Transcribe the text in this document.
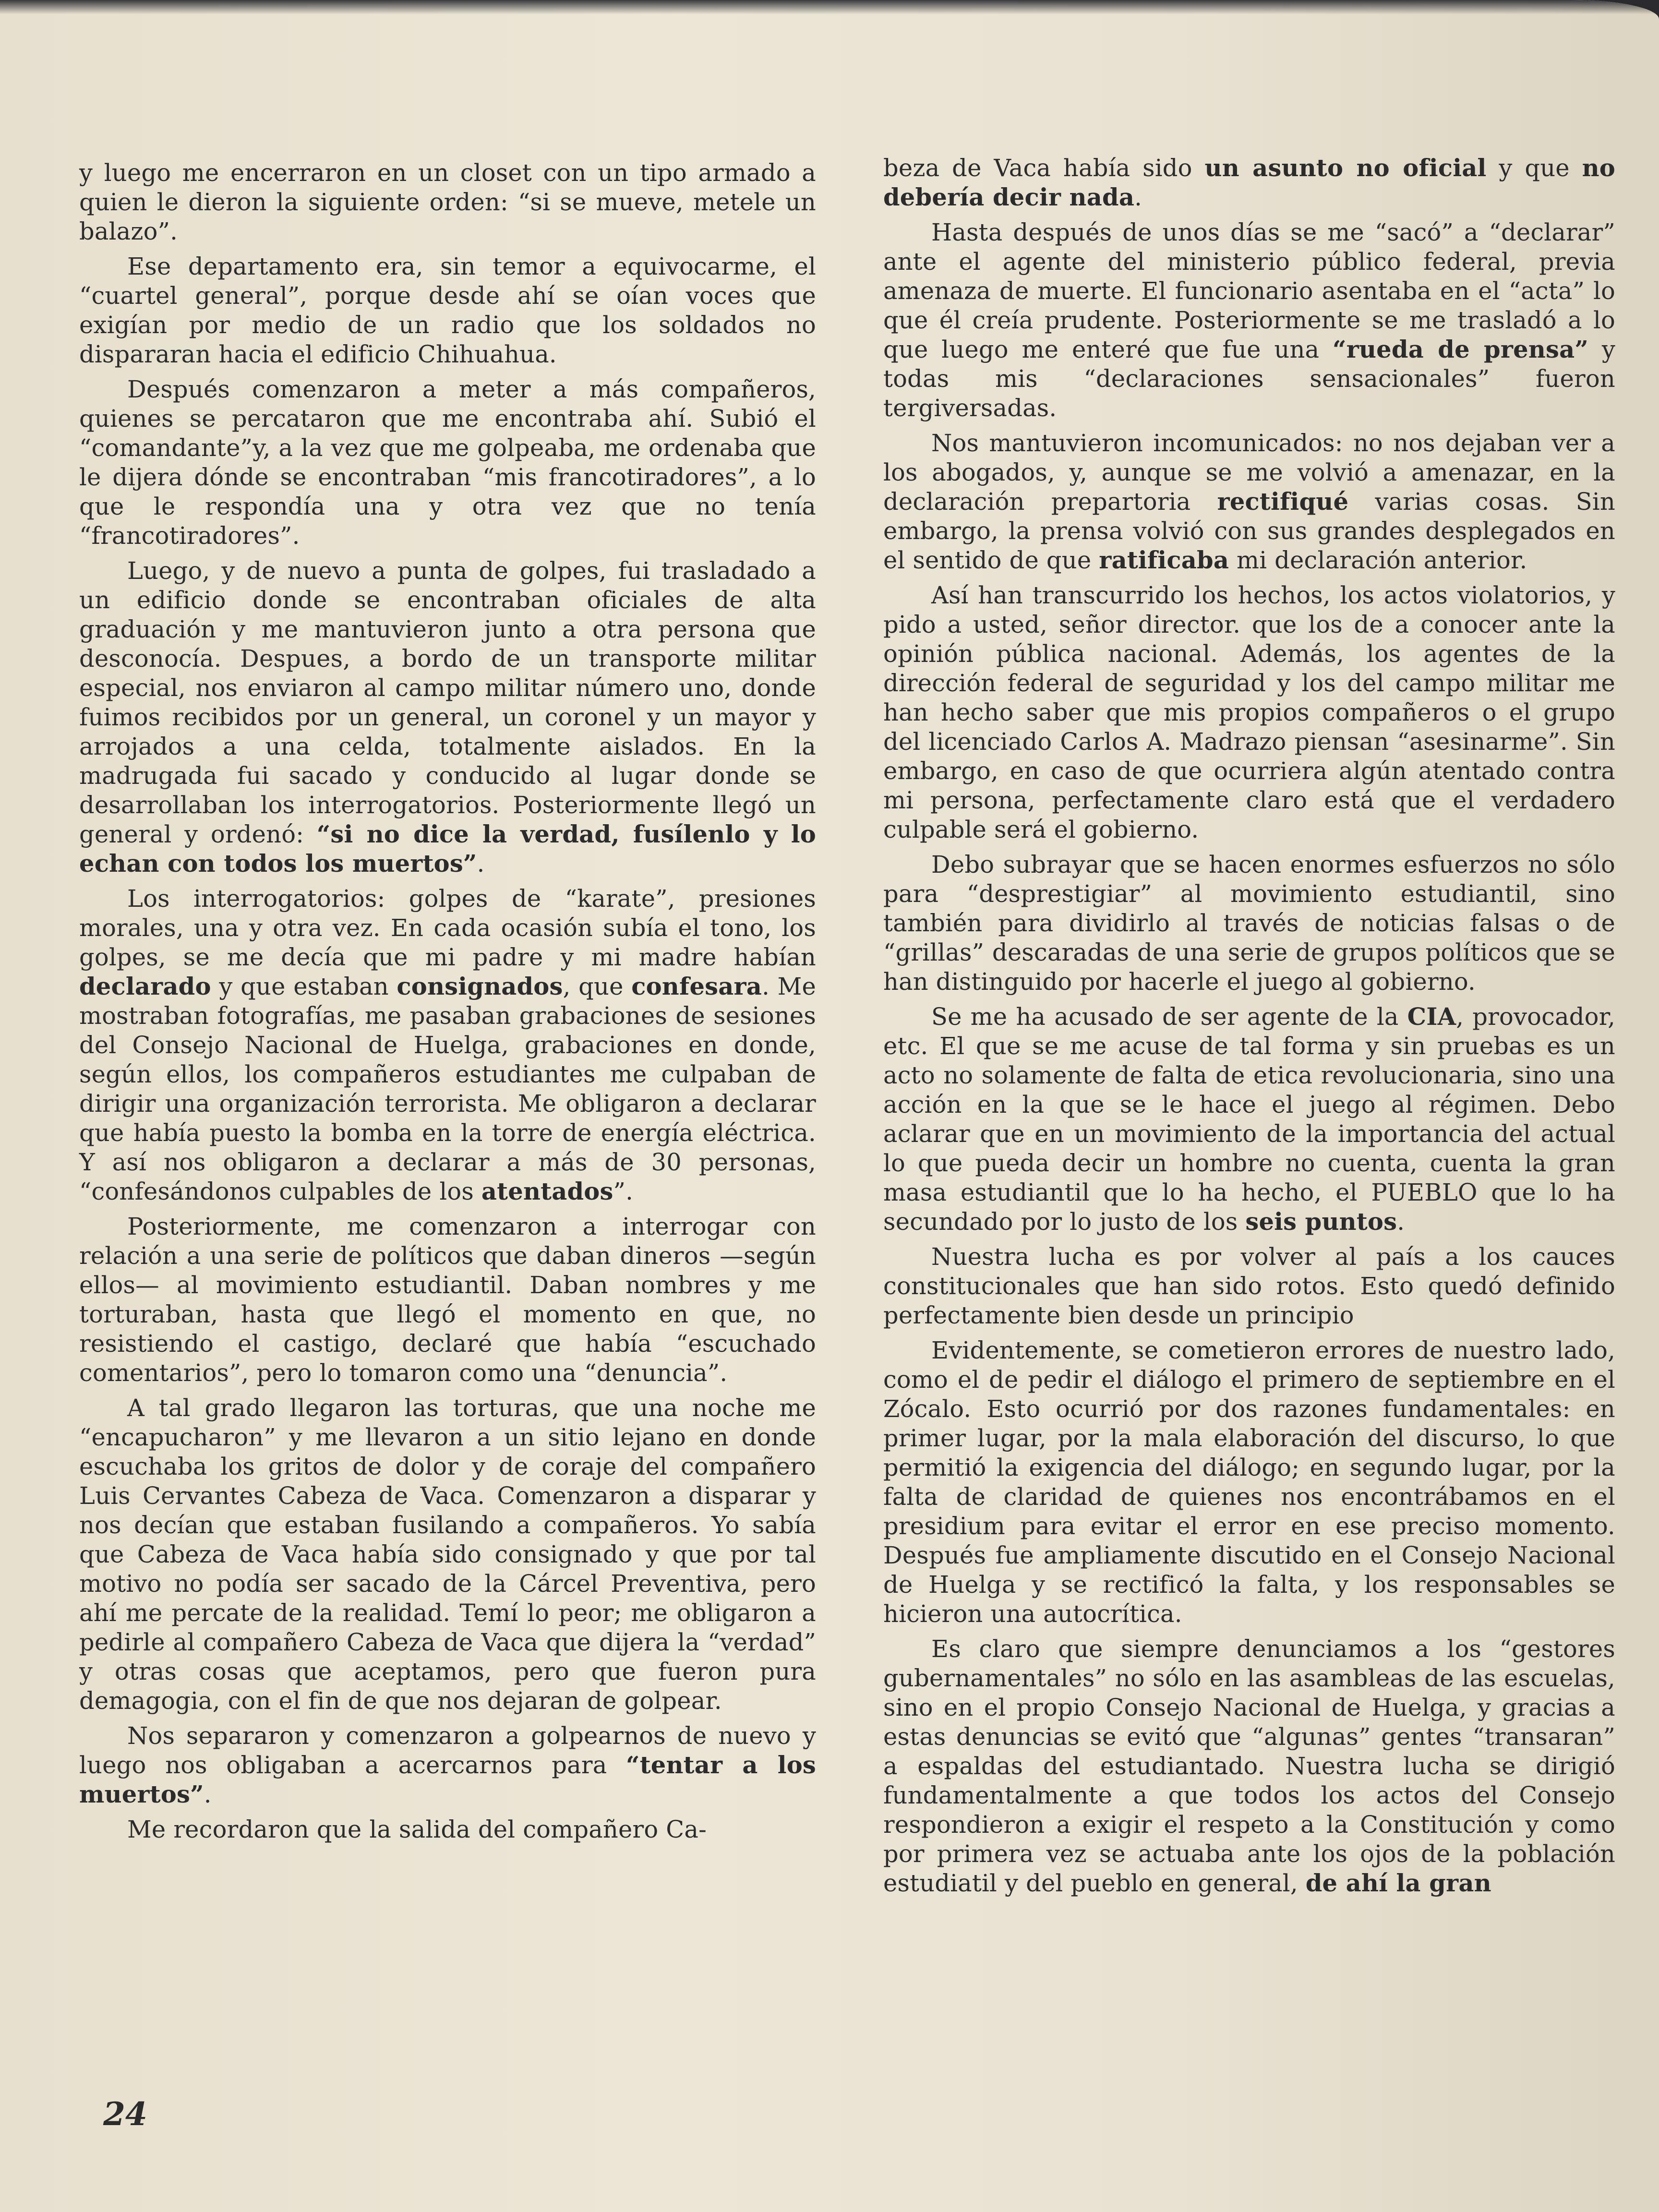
y luego me encerraron en un closet con un tipo armado a quien le dieron la siguiente orden: “si se mueve, metele un balazo”.

Ese departamento era, sin temor a equivocarme, el “cuartel general”, porque desde ahí se oían voces que exigían por medio de un radio que los soldados no dispararan hacia el edificio Chihuahua.

Después comenzaron a meter a más compañeros, quienes se percataron que me encontraba ahí. Subió el “comandante”y, a la vez que me golpeaba, me ordenaba que le dijera dónde se encontraban “mis francotiradores”, a lo que le respondía una y otra vez que no tenía “francotiradores”.

Luego, y de nuevo a punta de golpes, fui trasladado a un edificio donde se encontraban oficiales de alta graduación y me mantuvieron junto a otra persona que desconocía. Despues, a bordo de un transporte militar especial, nos enviaron al campo militar número uno, donde fuimos recibidos por un general, un coronel y un mayor y arrojados a una celda, totalmente aislados. En la madrugada fui sacado y conducido al lugar donde se desarrollaban los interrogatorios. Posteriormente llegó un general y ordenó: “si no dice la verdad, fusílenlo y lo echan con todos los muertos”.

Los interrogatorios: golpes de “karate”, presiones morales, una y otra vez. En cada ocasión subía el tono, los golpes, se me decía que mi padre y mi madre habían declarado y que estaban consignados, que confesara. Me mostraban fotografías, me pasaban grabaciones de sesiones del Consejo Nacional de Huelga, grabaciones en donde, según ellos, los compañeros estudiantes me culpaban de dirigir una organización terrorista. Me obligaron a declarar que había puesto la bomba en la torre de energía eléctrica. Y así nos obligaron a declarar a más de 30 personas, “confesándonos culpables de los atentados”.

Posteriormente, me comenzaron a interrogar con relación a una serie de políticos que daban dineros —según ellos— al movimiento estudiantil. Daban nombres y me torturaban, hasta que llegó el momento en que, no resistiendo el castigo, declaré que había “escuchado comentarios”, pero lo tomaron como una “denuncia”.

A tal grado llegaron las torturas, que una noche me “encapucharon” y me llevaron a un sitio lejano en donde escuchaba los gritos de dolor y de coraje del compañero Luis Cervantes Cabeza de Vaca. Comenzaron a disparar y nos decían que estaban fusilando a compañeros. Yo sabía que Cabeza de Vaca había sido consignado y que por tal motivo no podía ser sacado de la Cárcel Preventiva, pero ahí me percate de la realidad. Temí lo peor; me obligaron a pedirle al compañero Cabeza de Vaca que dijera la “verdad” y otras cosas que aceptamos, pero que fueron pura demagogia, con el fin de que nos dejaran de golpear.

Nos separaron y comenzaron a golpearnos de nuevo y luego nos obligaban a acercarnos para “tentar a los muertos”.

Me recordaron que la salida del compañero Ca-

beza de Vaca había sido un asunto no oficial y que no debería decir nada.

Hasta después de unos días se me “sacó” a “declarar” ante el agente del ministerio público federal, previa amenaza de muerte. El funcionario asentaba en el “acta” lo que él creía prudente. Posteriormente se me trasladó a lo que luego me enteré que fue una “rueda de prensa” y todas mis “declaraciones sensacionales” fueron tergiversadas.

Nos mantuvieron incomunicados: no nos dejaban ver a los abogados, y, aunque se me volvió a amenazar, en la declaración prepartoria rectifiqué varias cosas. Sin embargo, la prensa volvió con sus grandes desplegados en el sentido de que ratificaba mi declaración anterior.

Así han transcurrido los hechos, los actos violatorios, y pido a usted, señor director. que los de a conocer ante la opinión pública nacional. Además, los agentes de la dirección federal de seguridad y los del campo militar me han hecho saber que mis propios compañeros o el grupo del licenciado Carlos A. Madrazo piensan “asesinarme”. Sin embargo, en caso de que ocurriera algún atentado contra mi persona, perfectamente claro está que el verdadero culpable será el gobierno.

Debo subrayar que se hacen enormes esfuerzos no sólo para “desprestigiar” al movimiento estudiantil, sino también para dividirlo al través de noticias falsas o de “grillas” descaradas de una serie de grupos políticos que se han distinguido por hacerle el juego al gobierno.

Se me ha acusado de ser agente de la CIA, provocador, etc. El que se me acuse de tal forma y sin pruebas es un acto no solamente de falta de etica revolucionaria, sino una acción en la que se le hace el juego al régimen. Debo aclarar que en un movimiento de la importancia del actual lo que pueda decir un hombre no cuenta, cuenta la gran masa estudiantil que lo ha hecho, el PUEBLO que lo ha secundado por lo justo de los seis puntos.

Nuestra lucha es por volver al país a los cauces constitucionales que han sido rotos. Esto quedó definido perfectamente bien desde un principio

Evidentemente, se cometieron errores de nuestro lado, como el de pedir el diálogo el primero de septiembre en el Zócalo. Esto ocurrió por dos razones fundamentales: en primer lugar, por la mala elaboración del discurso, lo que permitió la exigencia del diálogo; en segundo lugar, por la falta de claridad de quienes nos encontrábamos en el presidium para evitar el error en ese preciso momento. Después fue ampliamente discutido en el Consejo Nacional de Huelga y se rectificó la falta, y los responsables se hicieron una autocrítica.

Es claro que siempre denunciamos a los “gestores gubernamentales” no sólo en las asambleas de las escuelas, sino en el propio Consejo Nacional de Huelga, y gracias a estas denuncias se evitó que “algunas” gentes “transaran” a espaldas del estudiantado. Nuestra lucha se dirigió fundamentalmente a que todos los actos del Consejo respondieron a exigir el respeto a la Constitución y como por primera vez se actuaba ante los ojos de la población estudiatil y del pueblo en general, de ahí la gran

24
